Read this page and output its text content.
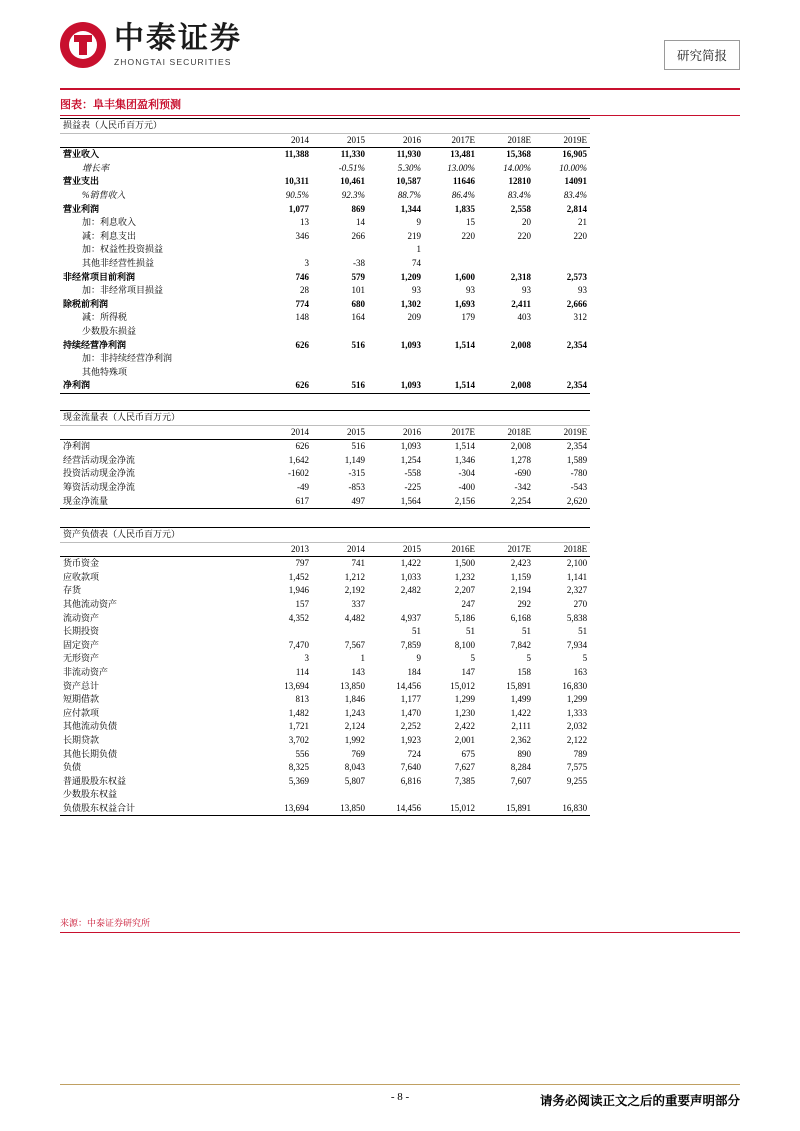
中泰证券
ZHONGTAI SECURITIES	研究简报
图表：阜丰集团盈利预测
损益表（人民币百万元）						
	2014	2015	2016	2017E	2018E	2019E
营业收入	11,388	11,330	11,930	13,481	15,368	16,905
增长率		-0.51%	5.30%	13.00%	14.00%	10.00%
营业支出	10,311	10,461	10,587	11646	12810	14091
%销售收入	90.5%	92.3%	88.7%	86.4%	83.4%	83.4%
营业利润	1,077	869	1,344	1,835	2,558	2,814
加：利息收入	13	14	9	15	20	21
减：利息支出	346	266	219	220	220	220
加：权益性投资损益			1			
其他非经营性损益	3	-38	74			
非经常项目前利润	746	579	1,209	1,600	2,318	2,573
加：非经常项目损益	28	101	93	93	93	93
除税前利润	774	680	1,302	1,693	2,411	2,666
减：所得税	148	164	209	179	403	312
少数股东损益						
持续经营净利润	626	516	1,093	1,514	2,008	2,354
加：非持续经营净利润						
其他特殊项						
净利润	626	516	1,093	1,514	2,008	2,354
现金流量表（人民币百万元）						
	2014	2015	2016	2017E	2018E	2019E
净利润	626	516	1,093	1,514	2,008	2,354
经营活动现金净流	1,642	1,149	1,254	1,346	1,278	1,589
投资活动现金净流	-1602	-315	-558	-304	-690	-780
筹资活动现金净流	-49	-853	-225	-400	-342	-543
现金净流量	617	497	1,564	2,156	2,254	2,620
资产负债表（人民币百万元）						
	2013	2014	2015	2016E	2017E	2018E
货币资金	797	741	1,422	1,500	2,423	2,100
应收款项	1,452	1,212	1,033	1,232	1,159	1,141
存货	1,946	2,192	2,482	2,207	2,194	2,327
其他流动资产	157	337		247	292	270
流动资产	4,352	4,482	4,937	5,186	6,168	5,838
长期投资			51	51	51	51
固定资产	7,470	7,567	7,859	8,100	7,842	7,934
无形资产	3	1	9	5	5	5
非流动资产	114	143	184	147	158	163
资产总计	13,694	13,850	14,456	15,012	15,891	16,830
短期借款	813	1,846	1,177	1,299	1,499	1,299
应付款项	1,482	1,243	1,470	1,230	1,422	1,333
其他流动负债	1,721	2,124	2,252	2,422	2,111	2,032
长期贷款	3,702	1,992	1,923	2,001	2,362	2,122
其他长期负债	556	769	724	675	890	789
负债	8,325	8,043	7,640	7,627	8,284	7,575
普通股股东权益	5,369	5,807	6,816	7,385	7,607	9,255
少数股东权益						
负债股东权益合计	13,694	13,850	14,456	15,012	15,891	16,830
来源：中泰证券研究所
- 8 -	请务必阅读正文之后的重要声明部分
